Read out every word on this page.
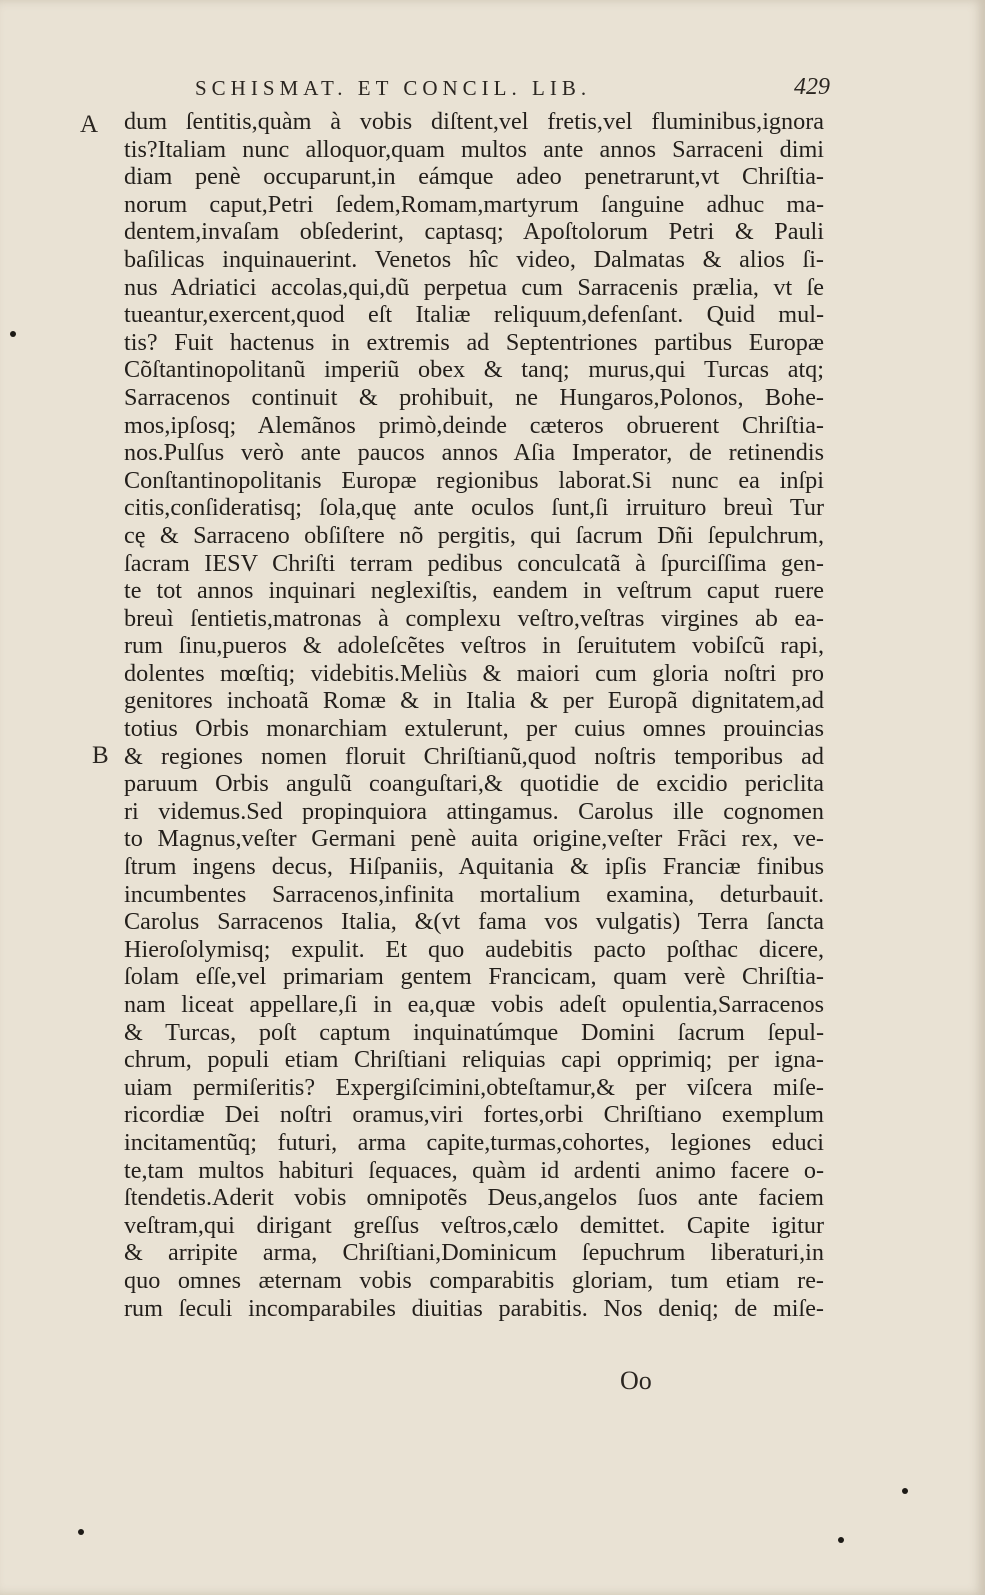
SCHISMAT. ET CONCIL. LIB.	429
A
B
dum ſentitis,quàm à vobis diſtent,vel fretis,vel fluminibus,ignora
tis?Italiam nunc alloquor,quam multos ante annos Sarraceni dimi
diam penè occuparunt,in eámque adeo penetrarunt,vt Chriſtia-
norum caput,Petri ſedem,Romam,martyrum ſanguine adhuc ma-
dentem,invaſam obſederint, captasq; Apoſtolorum Petri & Pauli
baſilicas inquinauerint. Venetos hîc video, Dalmatas & alios ſi-
nus Adriatici accolas,qui,dũ perpetua cum Sarracenis prælia, vt ſe
tueantur,exercent,quod eſt Italiæ reliquum,defenſant. Quid mul-
tis? Fuit hactenus in extremis ad Septentriones partibus Europæ
Cõſtantinopolitanũ imperiũ obex & tanq; murus,qui Turcas atq;
Sarracenos continuit & prohibuit, ne Hungaros,Polonos, Bohe-
mos,ipſosq; Alemãnos primò,deinde cæteros obruerent Chriſtia-
nos.Pulſus verò ante paucos annos Aſia Imperator, de retinendis
Conſtantinopolitanis Europæ regionibus laborat.Si nunc ea inſpi
citis,conſideratisq; ſola,quę ante oculos ſunt,ſi irruituro breuì Tur
cę & Sarraceno obſiſtere nõ pergitis, qui ſacrum Dñi ſepulchrum,
ſacram IESV Chriſti terram pedibus conculcatã à ſpurciſſima gen-
te tot annos inquinari neglexiſtis, eandem in veſtrum caput ruere
breuì ſentietis,matronas à complexu veſtro,veſtras virgines ab ea-
rum ſinu,pueros & adoleſcẽtes veſtros in ſeruitutem vobiſcũ rapi,
dolentes mœſtiq; videbitis.Meliùs & maiori cum gloria noſtri pro
genitores inchoatã Romæ & in Italia & per Europã dignitatem,ad
totius Orbis monarchiam extulerunt, per cuius omnes prouincias
& regiones nomen floruit Chriſtianũ,quod noſtris temporibus ad
paruum Orbis angulũ coanguſtari,& quotidie de excidio periclita
ri videmus.Sed propinquiora attingamus. Carolus ille cognomen
to Magnus,veſter Germani penè auita origine,veſter Frãci rex, ve-
ſtrum ingens decus, Hiſpaniis, Aquitania & ipſis Franciæ finibus
incumbentes Sarracenos,infinita mortalium examina, deturbauit.
Carolus Sarracenos Italia, &(vt fama vos vulgatis) Terra ſancta
Hieroſolymisq; expulit. Et quo audebitis pacto poſthac dicere,
ſolam eſſe,vel primariam gentem Francicam, quam verè Chriſtia-
nam liceat appellare,ſi in ea,quæ vobis adeſt opulentia,Sarracenos
& Turcas, poſt captum inquinatúmque Domini ſacrum ſepul-
chrum, populi etiam Chriſtiani reliquias capi opprimiq; per igna-
uiam permiſeritis? Expergiſcimini,obteſtamur,& per viſcera miſe-
ricordiæ Dei noſtri oramus,viri fortes,orbi Chriſtiano exemplum
incitamentũq; futuri, arma capite,turmas,cohortes, legiones educi
te,tam multos habituri ſequaces, quàm id ardenti animo facere o-
ſtendetis.Aderit vobis omnipotẽs Deus,angelos ſuos ante faciem
veſtram,qui dirigant greſſus veſtros,cælo demittet. Capite igitur
& arripite arma, Chriſtiani,Dominicum ſepuchrum liberaturi,in
quo omnes æternam vobis comparabitis gloriam, tum etiam re-
rum ſeculi incomparabiles diuitias parabitis. Nos deniq; de miſe-
Oo
